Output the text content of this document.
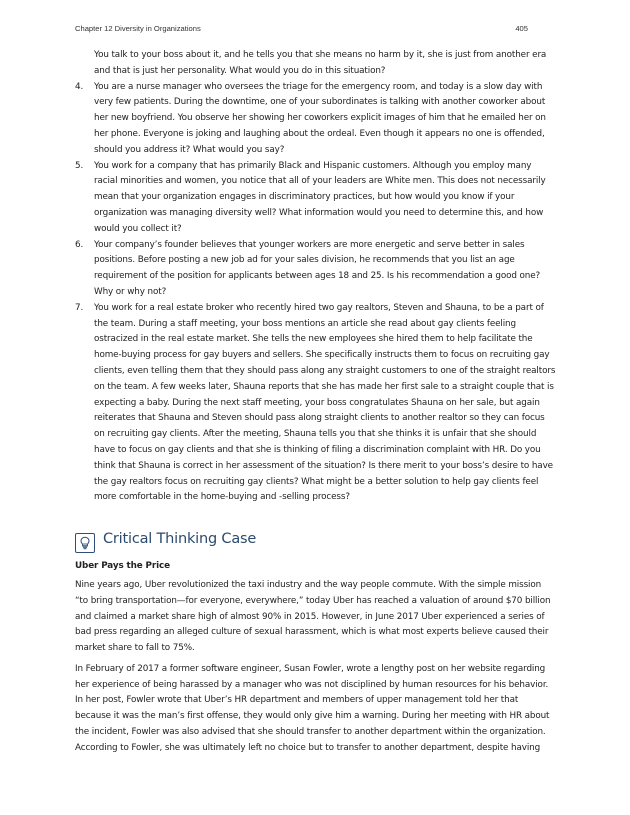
Chapter 12 Diversity in Organizations	405

You talk to your boss about it, and he tells you that she means no harm by it, she is just from another era and that is just her personality. What would you do in this situation?

4. You are a nurse manager who oversees the triage for the emergency room, and today is a slow day with very few patients. During the downtime, one of your subordinates is talking with another coworker about her new boyfriend. You observe her showing her coworkers explicit images of him that he emailed her on her phone. Everyone is joking and laughing about the ordeal. Even though it appears no one is offended, should you address it? What would you say?
5. You work for a company that has primarily Black and Hispanic customers. Although you employ many racial minorities and women, you notice that all of your leaders are White men. This does not necessarily mean that your organization engages in discriminatory practices, but how would you know if your organization was managing diversity well? What information would you need to determine this, and how would you collect it?
6. Your company’s founder believes that younger workers are more energetic and serve better in sales positions. Before posting a new job ad for your sales division, he recommends that you list an age requirement of the position for applicants between ages 18 and 25. Is his recommendation a good one? Why or why not?
7. You work for a real estate broker who recently hired two gay realtors, Steven and Shauna, to be a part of the team. During a staff meeting, your boss mentions an article she read about gay clients feeling ostracized in the real estate market. She tells the new employees she hired them to help facilitate the home-buying process for gay buyers and sellers. She specifically instructs them to focus on recruiting gay clients, even telling them that they should pass along any straight customers to one of the straight realtors on the team. A few weeks later, Shauna reports that she has made her first sale to a straight couple that is expecting a baby. During the next staff meeting, your boss congratulates Shauna on her sale, but again reiterates that Shauna and Steven should pass along straight clients to another realtor so they can focus on recruiting gay clients. After the meeting, Shauna tells you that she thinks it is unfair that she should have to focus on gay clients and that she is thinking of filing a discrimination complaint with HR. Do you think that Shauna is correct in her assessment of the situation? Is there merit to your boss’s desire to have the gay realtors focus on recruiting gay clients? What might be a better solution to help gay clients feel more comfortable in the home-buying and -selling process?
Critical Thinking Case
Uber Pays the Price

Nine years ago, Uber revolutionized the taxi industry and the way people commute. With the simple mission “to bring transportation—for everyone, everywhere,” today Uber has reached a valuation of around $70 billion and claimed a market share high of almost 90% in 2015. However, in June 2017 Uber experienced a series of bad press regarding an alleged culture of sexual harassment, which is what most experts believe caused their market share to fall to 75%.

In February of 2017 a former software engineer, Susan Fowler, wrote a lengthy post on her website regarding her experience of being harassed by a manager who was not disciplined by human resources for his behavior. In her post, Fowler wrote that Uber’s HR department and members of upper management told her that because it was the man’s first offense, they would only give him a warning. During her meeting with HR about the incident, Fowler was also advised that she should transfer to another department within the organization. According to Fowler, she was ultimately left no choice but to transfer to another department, despite having
